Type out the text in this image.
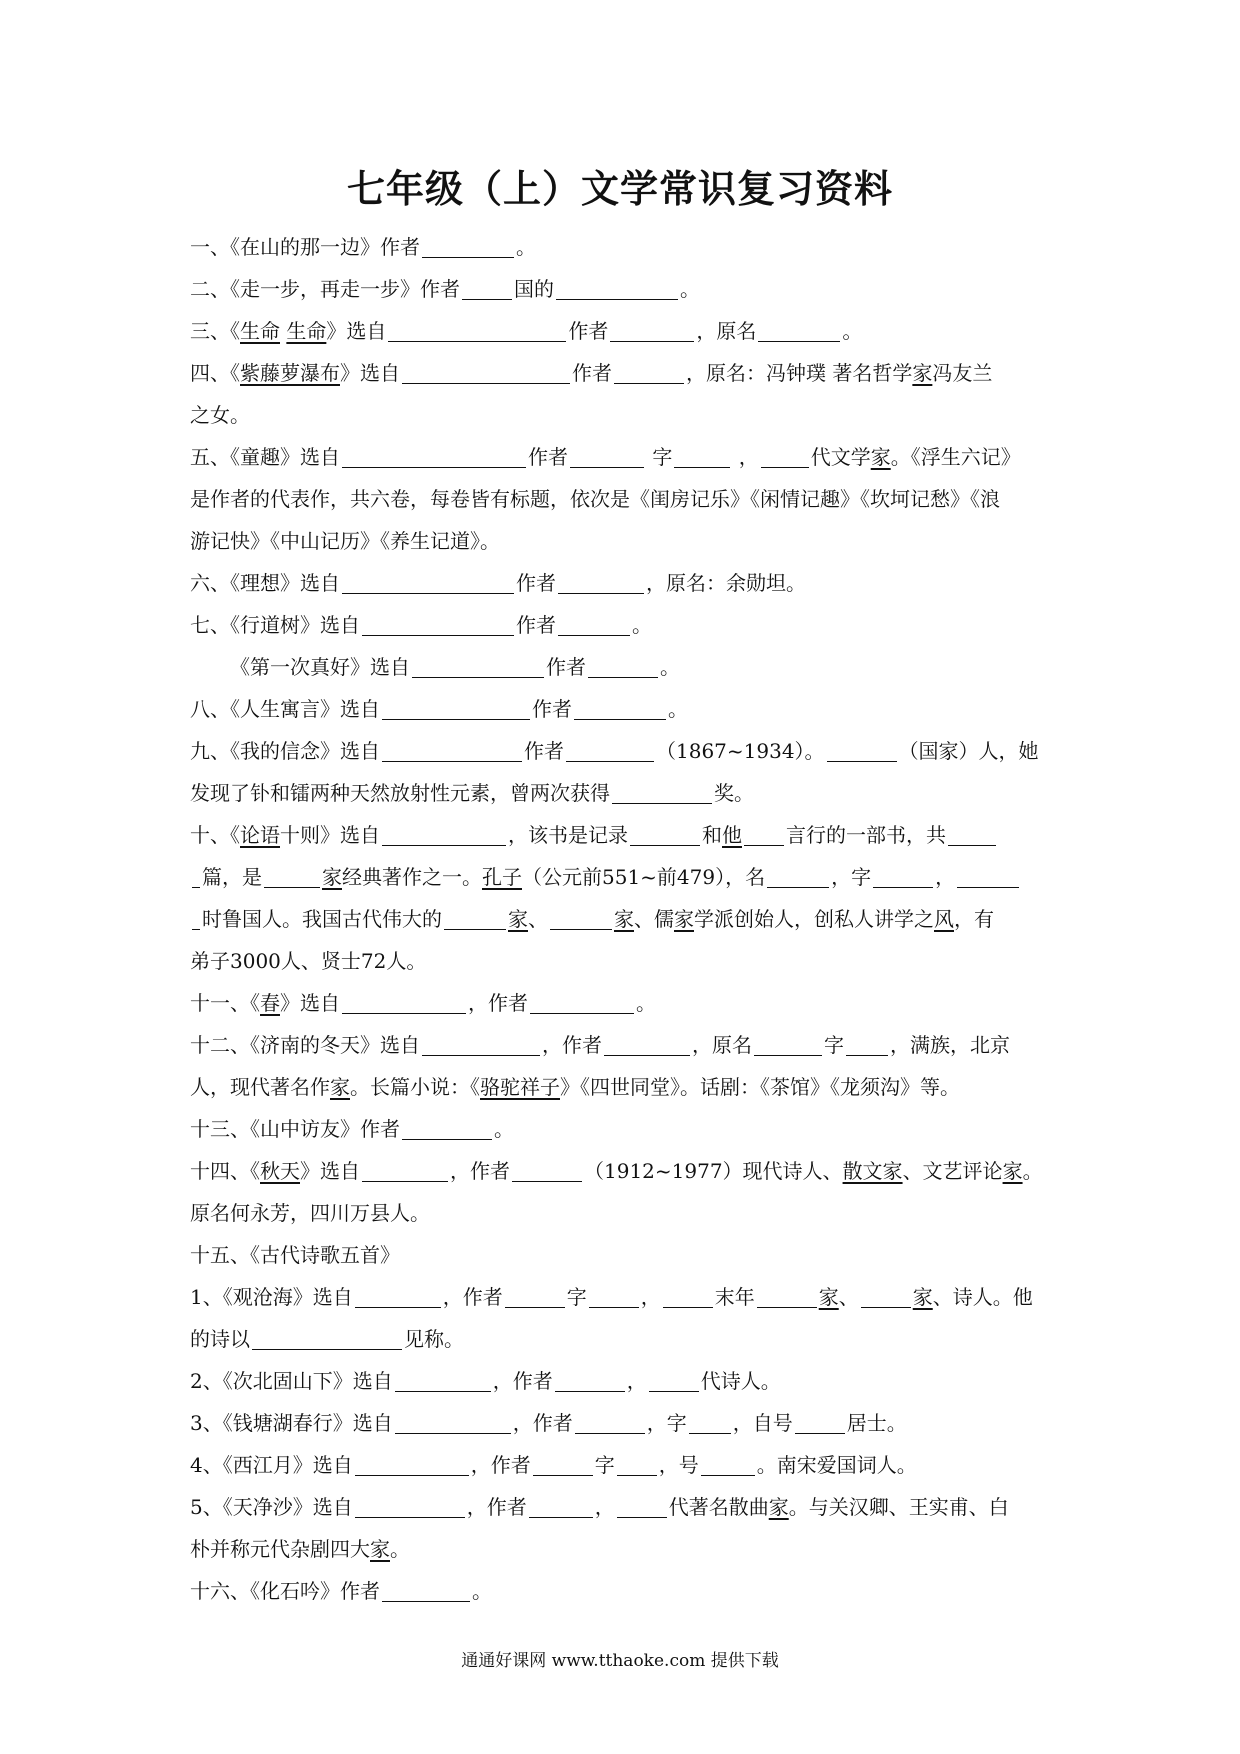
七年级（上）文学常识复习资料
一、《在山的那一边》作者	。
二、《走一步，再走一步》作者	国的	。
三、《生命 生命》选自	作者	，原名	。
四、《紫藤萝瀑布》选自	作者	，原名：冯钟璞 著名哲学家冯友兰
之女。
五、《童趣》选自	作者	字	，	代文学家。《浮生六记》
是作者的代表作，共六卷，每卷皆有标题，依次是《闺房记乐》《闲情记趣》《坎坷记愁》《浪
游记快》《中山记历》《养生记道》。
六、《理想》选自	作者	，原名：余勋坦。
七、《行道树》选自	作者	。
《第一次真好》选自	作者	。
八、《人生寓言》选自	作者	。
九、《我的信念》选自	作者	（1867~1934）。	（国家）人，她
发现了钋和镭两种天然放射性元素，曾两次获得	奖。
十、《论语十则》选自	，该书是记录	和他 言行的一部书，共
篇，是	家经典著作之一。孔子（公元前551~前479），名	，字	，
时鲁国人。我国古代伟大的	家、	家、儒家学派创始人，创私人讲学之风，有
弟子3000人、贤士72人。
十一、《春》选自	，作者	。
十二、《济南的冬天》选自	，作者	，原名	字 ，满族，北京
人，现代著名作家。长篇小说：《骆驼祥子》《四世同堂》。话剧：《茶馆》《龙须沟》等。
十三、《山中访友》作者	。
十四、《秋天》选自	，作者	（1912~1977）现代诗人、散文家、文艺评论家。
原名何永芳，四川万县人。
十五、《古代诗歌五首》
1、《观沧海》选自	，作者	字	，	末年	家、	家、诗人。他
的诗以	见称。
2、《次北固山下》选自	，作者	，	代诗人。
3、《钱塘湖春行》选自	，作者	，字 ，自号	居士。
4、《西江月》选自	，作者	字 ，号	。南宋爱国词人。
5、《天净沙》选自	，作者	，	代著名散曲家。与关汉卿、王实甫、白
朴并称元代杂剧四大家。
十六、《化石吟》作者	。
通通好课网 www.tthaoke.com 提供下载
